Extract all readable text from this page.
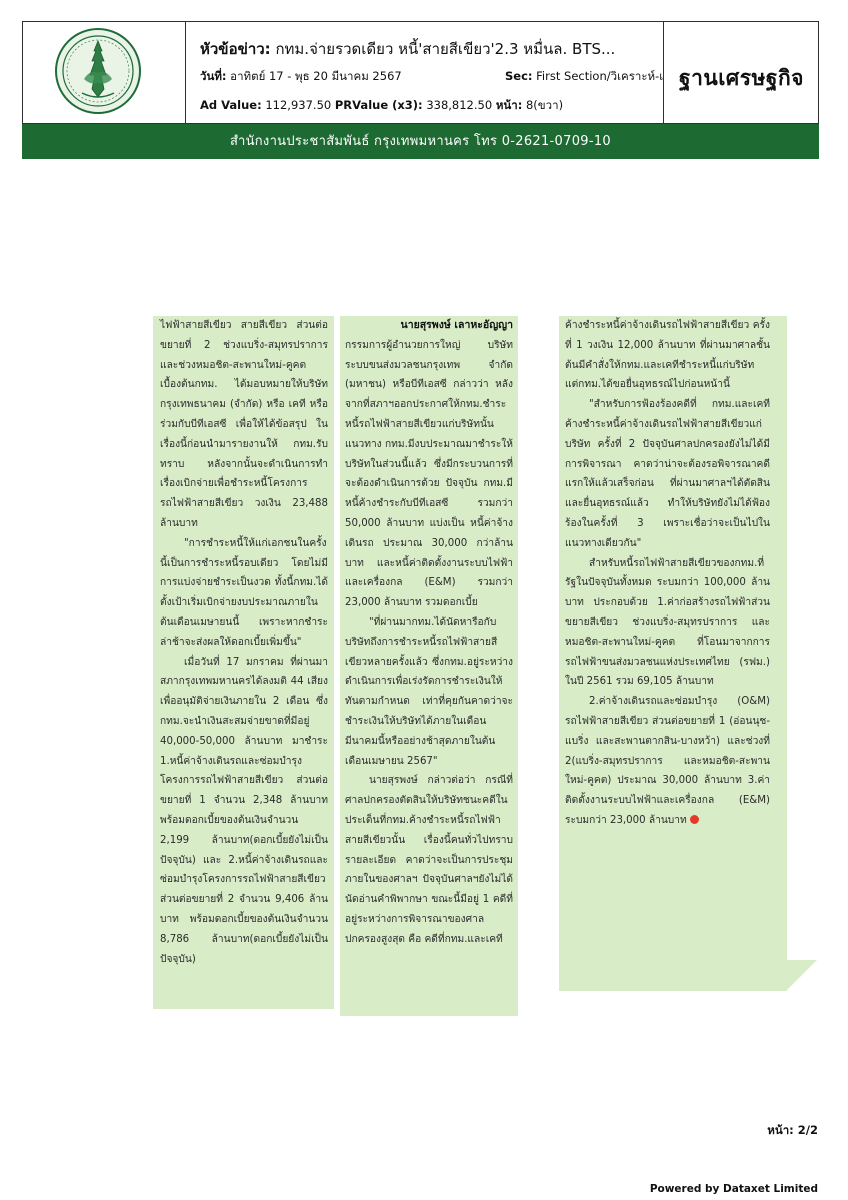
หัวข้อข่าว: กทม.จ่ายรวดเดียว หนี้'สายสีเขียว'2.3 หมื่นล. BTS...
วันที่: อาทิตย์ 17 - พุธ 20 มีนาคม 2567	Sec: First Section/วิเคราะห์-เ
Ad Value: 112,937.50 PRValue (x3): 338,812.50 หน้า: 8(ขวา)
ฐานเศรษฐกิจ
สำนักงานประชาสัมพันธ์ กรุงเทพมหานคร โทร 0-2621-0709-10

ไฟฟ้าสายสีเขียว สายสีเขียว ส่วนต่อขยายที่ 2 ช่วงแบริ่ง-สมุทรปราการ และช่วงหมอชิต-สะพานใหม่-คูคต เบื้องต้นกทม. ได้มอบหมายให้บริษัทกรุงเทพธนาคม (จำกัด) หรือ เคที หรือ ร่วมกับบีทีเอสซี เพื่อให้ได้ข้อสรุป ในเรื่องนี้ก่อนนำมารายงานให้ กทม.รับทราบ หลังจากนั้นจะดำเนินการทำเรื่องเบิกจ่ายเพื่อชำระหนี้โครงการรถไฟฟ้าสายสีเขียว วงเงิน 23,488 ล้านบาท

"การชำระหนี้ให้แก่เอกชนในครั้งนี้เป็นการชำระหนี้รอบเดียว โดยไม่มีการแบ่งจ่ายชำระเป็นงวด ทั้งนี้กทม.ได้ตั้งเป้าเริ่มเบิกจ่ายงบประมาณภายในต้นเดือนเมษายนนี้ เพราะหากชำระล่าช้าจะส่งผลให้ดอกเบี้ยเพิ่มขึ้น"

เมื่อวันที่ 17 มกราคม ที่ผ่านมา สภากรุงเทพมหานครได้ลงมติ 44 เสียง เพื่ออนุมัติจ่ายเงินภายใน 2 เดือน ซึ่ง กทม.จะนำเงินสะสมจ่ายขาดที่มีอยู่ 40,000-50,000 ล้านบาท มาชำระ 1.หนี้ค่าจ้างเดินรถและซ่อมบำรุงโครงการรถไฟฟ้าสายสีเขียว ส่วนต่อขยายที่ 1 จำนวน 2,348 ล้านบาท พร้อมดอกเบี้ยของต้นเงินจำนวน 2,199 ล้านบาท(ดอกเบี้ยยังไม่เป็นปัจจุบัน) และ 2.หนี้ค่าจ้างเดินรถและซ่อมบำรุงโครงการรถไฟฟ้าสายสีเขียว ส่วนต่อขยายที่ 2 จำนวน 9,406 ล้านบาท พร้อมดอกเบี้ยของต้นเงินจำนวน 8,786 ล้านบาท(ดอกเบี้ยยังไม่เป็นปัจจุบัน)

นายสุรพงษ์ เลาหะอัญญา

กรรมการผู้อำนวยการใหญ่ บริษัท ระบบขนส่งมวลชนกรุงเทพ จำกัด (มหาชน) หรือบีทีเอสซี กล่าวว่า หลังจากที่สภาฯออกประกาศให้กทม.ชำระหนี้รถไฟฟ้าสายสีเขียวแก่บริษัทนั้น แนวทาง กทม.มีงบประมาณมาชำระให้บริษัทในส่วนนี้แล้ว ซึ่งมีกระบวนการที่จะต้องดำเนินการด้วย ปัจจุบัน กทม.มีหนี้ค้างชำระกับบีทีเอสซี รวมกว่า 50,000 ล้านบาท แบ่งเป็น หนี้ค่าจ้างเดินรถ ประมาณ 30,000 กว่าล้านบาท และหนี้ค่าติดตั้งงานระบบไฟฟ้าและเครื่องกล (E&M) รวมกว่า 23,000 ล้านบาท รวมดอกเบี้ย

"ที่ผ่านมากทม.ได้นัดหารือกับบริษัทถึงการชำระหนี้รถไฟฟ้าสายสีเขียวหลายครั้งแล้ว ซึ่งกทม.อยู่ระหว่างดำเนินการเพื่อเร่งรัดการชำระเงินให้ทันตามกำหนด เท่าที่คุยกันคาดว่าจะชำระเงินให้บริษัทได้ภายในเดือนมีนาคมนี้หรืออย่างช้าสุดภายในต้นเดือนเมษายน 2567"

นายสุรพงษ์ กล่าวต่อว่า กรณีที่ศาลปกครองตัดสินให้บริษัทชนะคดีในประเด็นที่กทม.ค้างชำระหนี้รถไฟฟ้าสายสีเขียวนั้น เรื่องนี้คนทั่วไปทราบรายละเอียด คาดว่าจะเป็นการประชุมภายในของศาลฯ ปัจจุบันศาลฯยังไม่ได้นัดอ่านคำพิพากษา ขณะนี้มีอยู่ 1 คดีที่อยู่ระหว่างการพิจารณาของศาลปกครองสูงสุด คือ คดีที่กทม.และเคที

ค้างชำระหนี้ค่าจ้างเดินรถไฟฟ้าสายสีเขียว ครั้งที่ 1 วงเงิน 12,000 ล้านบาท ที่ผ่านมาศาลชั้นต้นมีคำสั่งให้กทม.และเคทีชำระหนี้แก่บริษัท แต่กทม.ได้ขอยื่นอุทธรณ์ไปก่อนหน้านี้

"สำหรับการฟ้องร้องคดีที่ กทม.และเคที ค้างชำระหนี้ค่าจ้างเดินรถไฟฟ้าสายสีเขียวแก่บริษัท ครั้งที่ 2 ปัจจุบันศาลปกครองยังไม่ได้มีการพิจารณา คาดว่าน่าจะต้องรอพิจารณาคดีแรกให้แล้วเสร็จก่อน ที่ผ่านมาศาลฯได้ตัดสินและยื่นอุทธรณ์แล้ว ทำให้บริษัทยังไม่ได้ฟ้องร้องในครั้งที่ 3 เพราะเชื่อว่าจะเป็นไปในแนวทางเดียวกัน"

สำหรับหนี้รถไฟฟ้าสายสีเขียวของกทม.ที่รัฐในปัจจุบันทั้งหมด ระบมกว่า 100,000 ล้านบาท ประกอบด้วย 1.ค่าก่อสร้างรถไฟฟ้าส่วนขยายสีเขียว ช่วงแบริ่ง-สมุทรปราการ และหมอชิต-สะพานใหม่-คูคต ที่โอนมาจากการรถไฟฟ้าขนส่งมวลชนแห่งประเทศไทย (รฟม.) ในปี 2561 รวม 69,105 ล้านบาท

2.ค่าจ้างเดินรถและซ่อมบำรุง (O&M) รถไฟฟ้าสายสีเขียว ส่วนต่อขยายที่ 1 (อ่อนนุช-แบริ่ง และสะพานตากสิน-บางหว้า) และช่วงที่ 2(แบริ่ง-สมุทรปราการ และหมอชิต-สะพานใหม่-คูคต) ประมาณ 30,000 ล้านบาท 3.ค่าติดตั้งงานระบบไฟฟ้าและเครื่องกล (E&M) ระบมกว่า 23,000 ล้านบาท

หน้า: 2/2
Powered by Dataxet Limited
